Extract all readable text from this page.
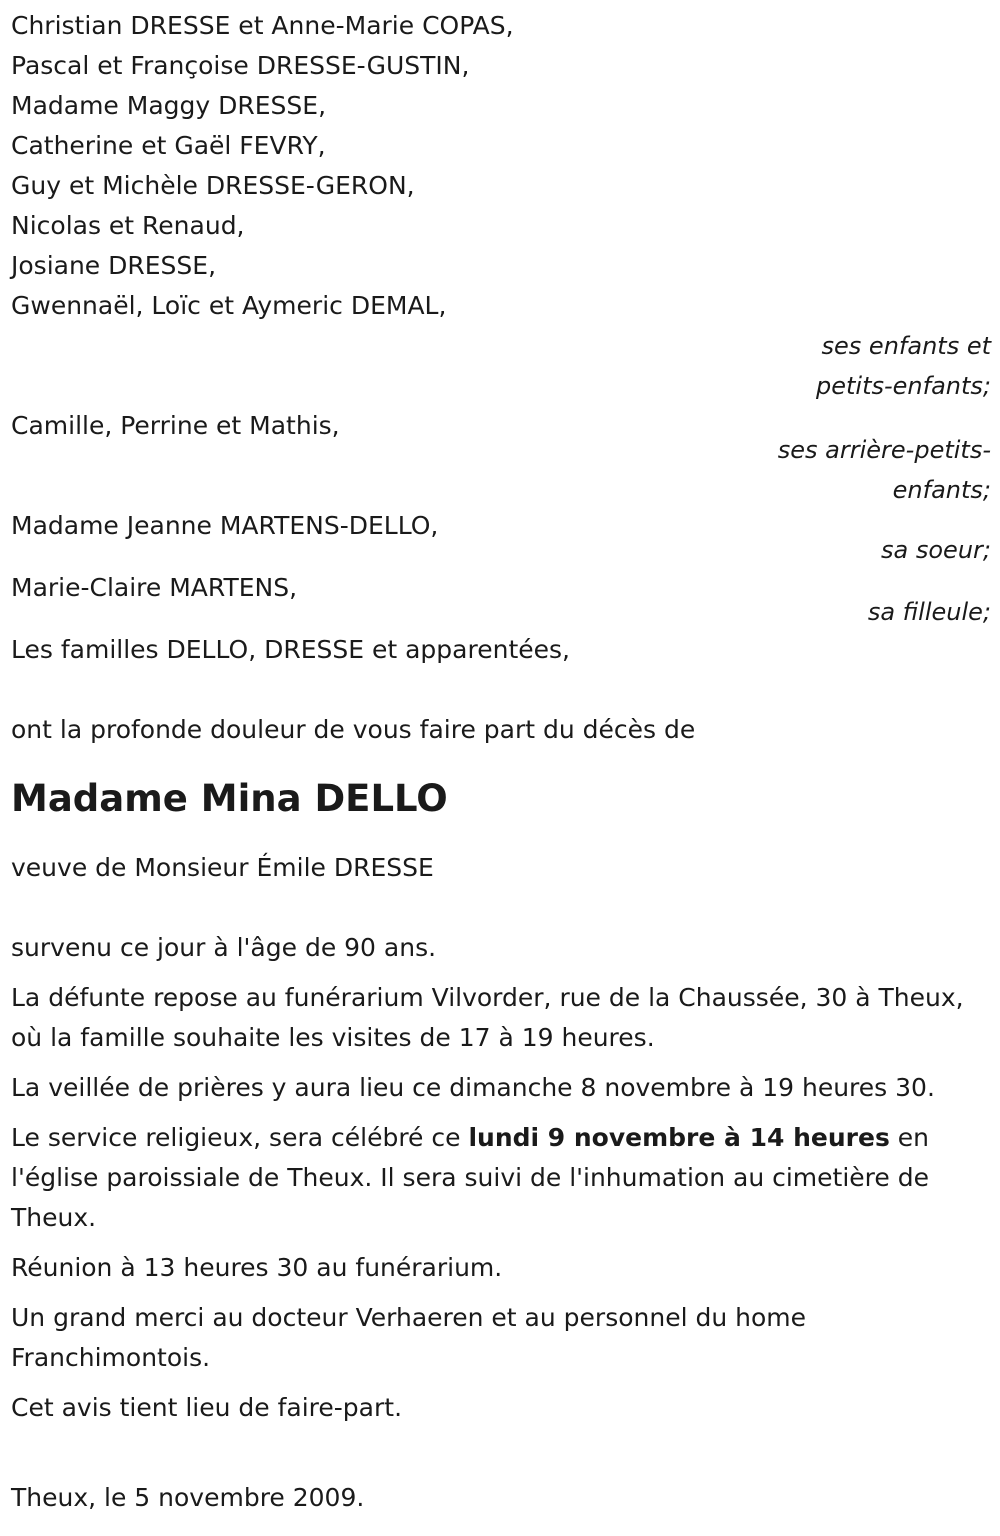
Christian DRESSE et Anne-Marie COPAS,
Pascal et Françoise DRESSE-GUSTIN,
Madame Maggy DRESSE,
Catherine et Gaël FEVRY,
Guy et Michèle DRESSE-GERON,
Nicolas et Renaud,
Josiane DRESSE,
Gwennaël, Loïc et Aymeric DEMAL,
ses enfants et
petits-enfants;
Camille, Perrine et Mathis,
ses arrière-petits-
enfants;
Madame Jeanne MARTENS-DELLO,
sa soeur;
Marie-Claire MARTENS,
sa filleule;
Les familles DELLO, DRESSE et apparentées,
ont la profonde douleur de vous faire part du décès de
Madame Mina DELLO
veuve de Monsieur Émile DRESSE

survenu ce jour à l'âge de 90 ans.

La défunte repose au funérarium Vilvorder, rue de la Chaussée, 30 à Theux, où la famille souhaite les visites de 17 à 19 heures.

La veillée de prières y aura lieu ce dimanche 8 novembre à 19 heures 30.

Le service religieux, sera célébré ce lundi 9 novembre à 14 heures en l'église paroissiale de Theux. Il sera suivi de l'inhumation au cimetière de Theux.

Réunion à 13 heures 30 au funérarium.

Un grand merci au docteur Verhaeren et au personnel du home Franchimontois.

Cet avis tient lieu de faire-part.

Theux, le 5 novembre 2009.
